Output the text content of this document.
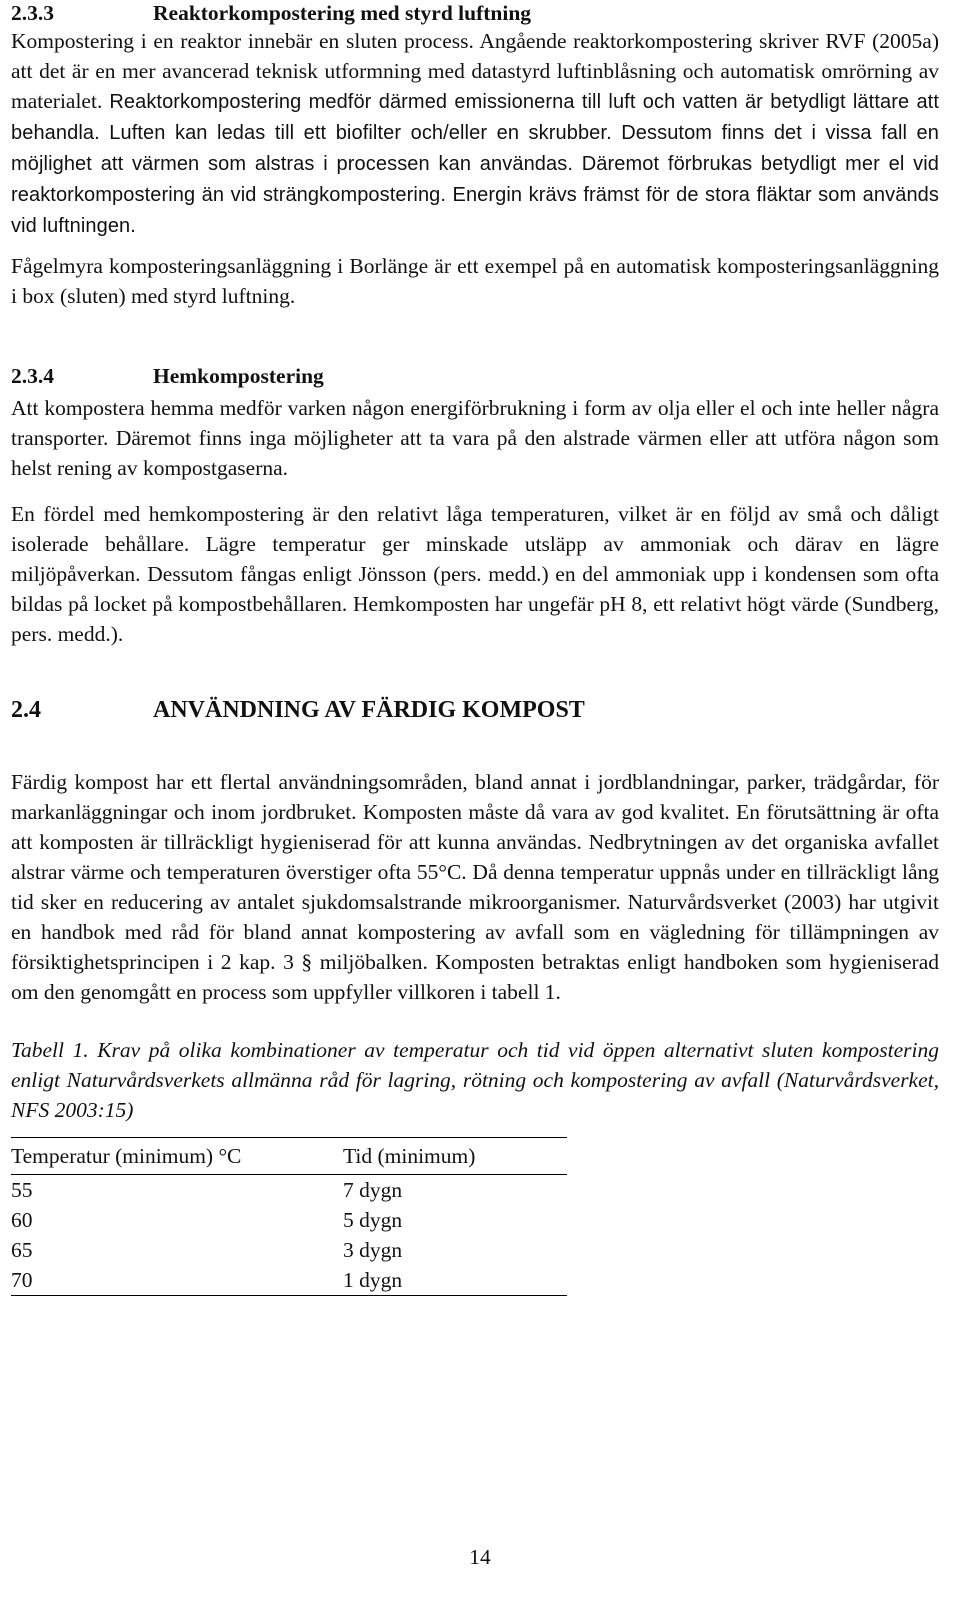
2.3.3	Reaktorkompostering med styrd luftning

Kompostering i en reaktor innebär en sluten process. Angående reaktorkompostering skriver RVF (2005a) att det är en mer avancerad teknisk utformning med datastyrd luftinblåsning och automatisk omrörning av materialet. Reaktorkompostering medför därmed emissionerna till luft och vatten är betydligt lättare att behandla. Luften kan ledas till ett biofilter och/eller en skrubber. Dessutom finns det i vissa fall en möjlighet att värmen som alstras i processen kan användas. Däremot förbrukas betydligt mer el vid reaktorkompostering än vid strängkompostering. Energin krävs främst för de stora fläktar som används vid luftningen.

Fågelmyra komposteringsanläggning i Borlänge är ett exempel på en automatisk komposteringsanläggning i box (sluten) med styrd luftning.

2.3.4	Hemkompostering

Att kompostera hemma medför varken någon energiförbrukning i form av olja eller el och inte heller några transporter. Däremot finns inga möjligheter att ta vara på den alstrade värmen eller att utföra någon som helst rening av kompostgaserna.

En fördel med hemkompostering är den relativt låga temperaturen, vilket är en följd av små och dåligt isolerade behållare. Lägre temperatur ger minskade utsläpp av ammoniak och därav en lägre miljöpåverkan. Dessutom fångas enligt Jönsson (pers. medd.) en del ammoniak upp i kondensen som ofta bildas på locket på kompostbehållaren. Hemkomposten har ungefär pH 8, ett relativt högt värde (Sundberg, pers. medd.).

2.4	ANVÄNDNING AV FÄRDIG KOMPOST

Färdig kompost har ett flertal användningsområden, bland annat i jordblandningar, parker, trädgårdar, för markanläggningar och inom jordbruket. Komposten måste då vara av god kvalitet. En förutsättning är ofta att komposten är tillräckligt hygieniserad för att kunna användas. Nedbrytningen av det organiska avfallet alstrar värme och temperaturen överstiger ofta 55°C. Då denna temperatur uppnås under en tillräckligt lång tid sker en reducering av antalet sjukdomsalstrande mikroorganismer. Naturvårdsverket (2003) har utgivit en handbok med råd för bland annat kompostering av avfall som en vägledning för tillämpningen av försiktighetsprincipen i 2 kap. 3 § miljöbalken. Komposten betraktas enligt handboken som hygieniserad om den genomgått en process som uppfyller villkoren i tabell 1.

Tabell 1. Krav på olika kombinationer av temperatur och tid vid öppen alternativt sluten kompostering enligt Naturvårdsverkets allmänna råd för lagring, rötning och kompostering av avfall (Naturvårdsverket, NFS 2003:15)

Temperatur (minimum) °C	Tid (minimum)
55	7 dygn
60	5 dygn
65	3 dygn
70	1 dygn
14
